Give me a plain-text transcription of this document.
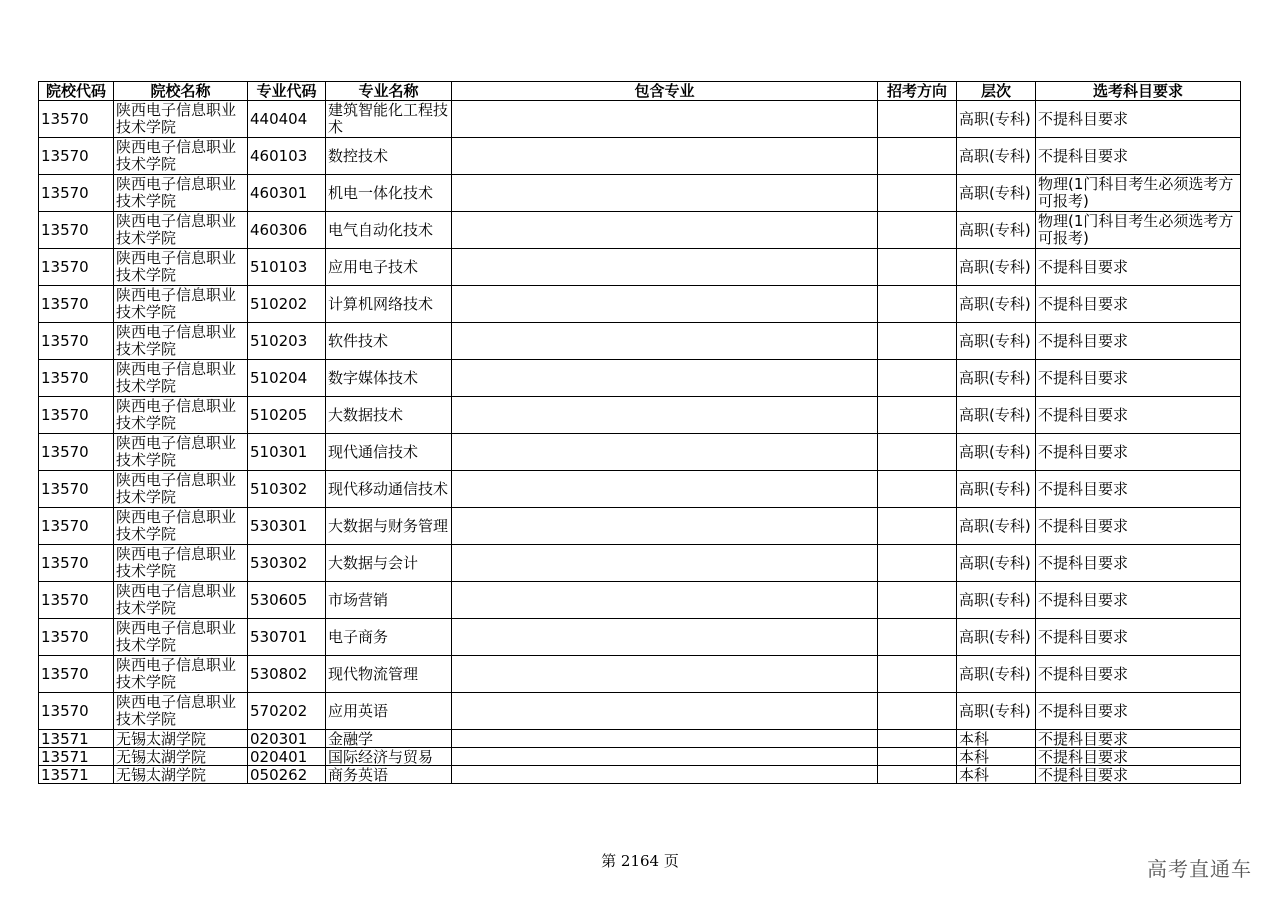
院校代码	院校名称	专业代码	专业名称	包含专业	招考方向	层次	选考科目要求
13570	陕西电子信息职业技术学院	440404	建筑智能化工程技术			高职(专科)	不提科目要求
13570	陕西电子信息职业技术学院	460103	数控技术			高职(专科)	不提科目要求
13570	陕西电子信息职业技术学院	460301	机电一体化技术			高职(专科)	物理(1门科目考生必须选考方可报考)
13570	陕西电子信息职业技术学院	460306	电气自动化技术			高职(专科)	物理(1门科目考生必须选考方可报考)
13570	陕西电子信息职业技术学院	510103	应用电子技术			高职(专科)	不提科目要求
13570	陕西电子信息职业技术学院	510202	计算机网络技术			高职(专科)	不提科目要求
13570	陕西电子信息职业技术学院	510203	软件技术			高职(专科)	不提科目要求
13570	陕西电子信息职业技术学院	510204	数字媒体技术			高职(专科)	不提科目要求
13570	陕西电子信息职业技术学院	510205	大数据技术			高职(专科)	不提科目要求
13570	陕西电子信息职业技术学院	510301	现代通信技术			高职(专科)	不提科目要求
13570	陕西电子信息职业技术学院	510302	现代移动通信技术			高职(专科)	不提科目要求
13570	陕西电子信息职业技术学院	530301	大数据与财务管理			高职(专科)	不提科目要求
13570	陕西电子信息职业技术学院	530302	大数据与会计			高职(专科)	不提科目要求
13570	陕西电子信息职业技术学院	530605	市场营销			高职(专科)	不提科目要求
13570	陕西电子信息职业技术学院	530701	电子商务			高职(专科)	不提科目要求
13570	陕西电子信息职业技术学院	530802	现代物流管理			高职(专科)	不提科目要求
13570	陕西电子信息职业技术学院	570202	应用英语			高职(专科)	不提科目要求
13571	无锡太湖学院	020301	金融学			本科	不提科目要求
13571	无锡太湖学院	020401	国际经济与贸易			本科	不提科目要求
13571	无锡太湖学院	050262	商务英语			本科	不提科目要求
第 2164 页	高考直通车
